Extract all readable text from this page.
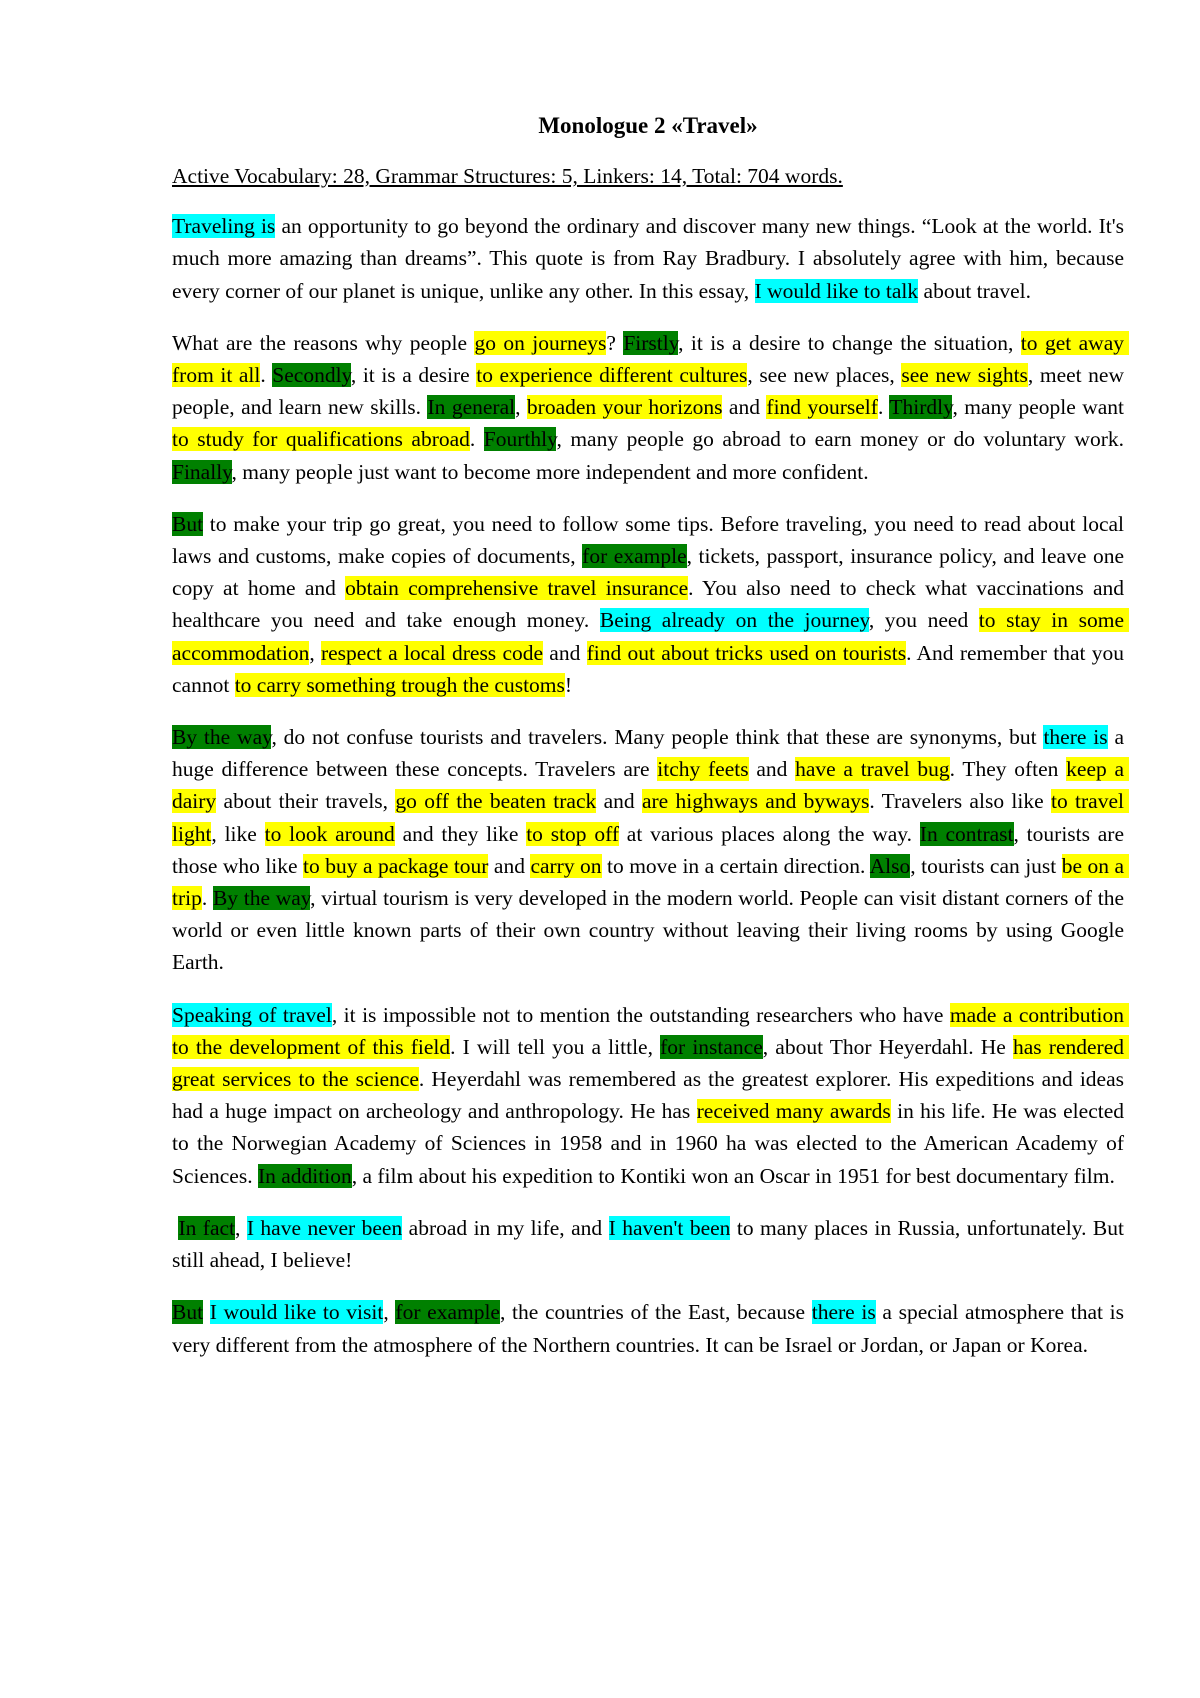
Monologue 2 «Travel»
Active Vocabulary: 28, Grammar Structures: 5, Linkers: 14, Total: 704 words.

Traveling is an opportunity to go beyond the ordinary and discover many new things. “Look at the world. It's much more amazing than dreams”. This quote is from Ray Bradbury. I absolutely agree with him, because every corner of our planet is unique, unlike any other. In this essay, I would like to talk about travel.

What are the reasons why people go on journeys? Firstly, it is a desire to change the situation, to get away from it all. Secondly, it is a desire to experience different cultures, see new places, see new sights, meet new people, and learn new skills. In general, broaden your horizons and find yourself. Thirdly, many people want to study for qualifications abroad. Fourthly, many people go abroad to earn money or do voluntary work. Finally, many people just want to become more independent and more confident.

But to make your trip go great, you need to follow some tips. Before traveling, you need to read about local laws and customs, make copies of documents, for example, tickets, passport, insurance policy, and leave one copy at home and obtain comprehensive travel insurance. You also need to check what vaccinations and healthcare you need and take enough money. Being already on the journey, you need to stay in some accommodation, respect a local dress code and find out about tricks used on tourists. And remember that you cannot to carry something trough the customs!

By the way, do not confuse tourists and travelers. Many people think that these are synonyms, but there is a huge difference between these concepts. Travelers are itchy feets and have a travel bug. They often keep a dairy about their travels, go off the beaten track and are highways and byways. Travelers also like to travel light, like to look around and they like to stop off at various places along the way. In contrast, tourists are those who like to buy a package tour and carry on to move in a certain direction. Also, tourists can just be on a trip. By the way, virtual tourism is very developed in the modern world. People can visit distant corners of the world or even little known parts of their own country without leaving their living rooms by using Google Earth.

Speaking of travel, it is impossible not to mention the outstanding researchers who have made a contribution to the development of this field. I will tell you a little, for instance, about Thor Heyerdahl. He has rendered great services to the science. Heyerdahl was remembered as the greatest explorer. His expeditions and ideas had a huge impact on archeology and anthropology. He has received many awards in his life. He was elected to the Norwegian Academy of Sciences in 1958 and in 1960 ha was elected to the American Academy of Sciences. In addition, a film about his expedition to Kontiki won an Oscar in 1951 for best documentary film.

In fact, I have never been abroad in my life, and I haven't been to many places in Russia, unfortunately. But still ahead, I believe!

But I would like to visit, for example, the countries of the East, because there is a special atmosphere that is very different from the atmosphere of the Northern countries. It can be Israel or Jordan, or Japan or Korea.
